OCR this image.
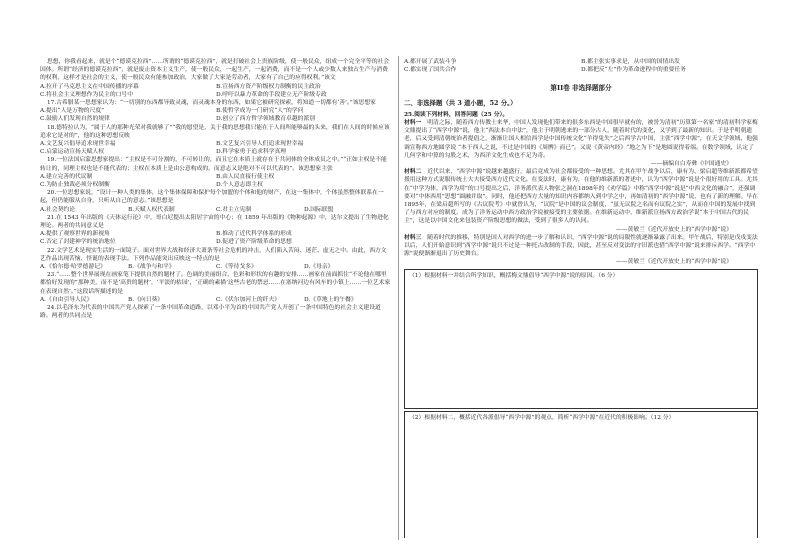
思想，你我看起来，就是个“德谟克拉西”……所谓的“德谟克拉西”，就是打破社会上贵族阶级，使一般民众，组成一个完全平等的社会国体。所谓“经济的德谟克拉西”，就是废止资本主义生产，使一般民众，一起生产，一起消费，而不是一个人或少数人来独占生产与消费的权利，这样才是社会的主义，使一般民众有能参加政治，大家做了大家是劳动者，大家有了自己的应得权利。”该文

A.拉开了马克思主义在中国传播的序幕	B.宣扬西方资产阶级权力制衡的民主政治
C.将社会主义理想作为民主的口号中	D.呼吁以暴力革命的手段建立无产阶级专政

17.古希腊某一思想家认为：“一切别的东西都导致灵魂，而灵魂本身的东西，如果它被研究探索，将知道一切都有‘善’。”该思想家

A.提出“人是万物的尺度”	B.使哲学成为一门研究“人”的学问
C.鼓励人们发现自然的规律	D.创立了西方哲学领域教育卓越的派别

18.德特拉认为，“属于人的那种光荣对我就够了”“我的愿望是，关于我的思想我只能在于人间所能够最的头来，我们在人间的时候应该追求它是对的”，他的这种思想反映

A.文艺复兴倡导追求现世幸福	B.文艺复兴引导人们追求现世幸福
C.启蒙运动宣扬天赋人权	D.科学家勇于追求科学真理

19.一位法国启蒙思想家提出：“主权是不可分割的，不可转让的，而且它在本质上就存在于共同体的全体成员之中。”“正如主权是不能转让的，同理主权也是不能代表的；主权在本质上是由公意构成的，而意志又是绝对不可以代表的”。该思想家主张

A.建立完善的代议制	B.由人民直接行使主权
C.为防止独裁必须分权制衡	D.个人意志即主权

20.一位思想家说，“设计一种人类的集体，这个集体保障和保护每个加盟的个体和他的财产，在这一集体中，个体虽然整体联系在一起，但仍能服从自身，只听从自己的意志。”该思想是

A.社会契约论	B.天赋人权代表制	C.君主立宪制	D.国际联盟

21.在 1543 年出版的《天体运行论》中，哥白尼提出太阳居宇宙的中心；在 1859 年出版的《物种起源》中，达尔文提出了生物进化理论。两者的共同意义是

A.提供了观察世界的新视角	B.推动了近代科学体系的形成
C.否定了封建神学的统治地位	D.促进了资产阶级革命的思想

22.文学艺术是现实生活的一面镜子。面对世界大战和经济大萧条等社会危机的冲击，人们陷入苦闷、迷茫、虚无之中。由此，西方文艺作品出现苦恼、怪诞的表现手法。下列作品能突出反映这一特点的是

A.《恰尔德·哈罗德游记》	B.《战争与和平》	C.《等待戈多》	D.《母亲》

23.“……整个世界展现在画家笔下提供自然的题材了。色调的美丽组合，色彩和形状的有趣的安排……画家在前面抓住“不论他在哪里都恰好发现的”那种美，而不是‘高贵的题材’，‘平淡的枯园’，‘正确的素描’这些古老的禁忌……在塞纳河边有风车的小镇上……一位艺术家在表现自然’。”这段话所描述的是

A.《自由引导人民》	B.《向日葵》	C.《伏尔加河上的纤夫》	D.《草地上的午餐》

24.以毛泽东为代表的中国共产党人探索了一条中国革命道路，以邓小平为首的中国共产党人开创了一条中国特色的社会主义建设道路。两者的共同点是

A.都开展了武装斗争	B.都主张实事求是，从中国的国情出发
C.都实现了国共合作	D.都把反“左”作为革命进程中的重要任务
第II卷 非选择题部分
二、非选择题（共 3 道小题，52 分。）

25.阅读下列材料，回答问题（25 分）。

材料一　 明清之际，随着西方传教士来华，中国人发现他们带来的很多东西是中国很早就有的，被誉为清初“历算第一名家”的清初科学家梅文鼎提出了“西学中源”说，他主“西法本自中法”，他主于明朝逃来的一部分古人，随着时代的变化，又学到了最新的知识。于是乎明朝遗老，后又受到清朝统治者提倡之，渐渐让国人相信西学是中国传统文化“羊得兔失”之后西学古中国，主张“西学中源”，在天文学领域，他强调宣称西方地圆学说 “本于西人之说，不过是中国的《周髀》而已”。又说《黄帝内经》“地之为下”是地圆说得着端。在数学领域，认定了几何学和中算的勾股之术，为西洋文化生成也不足为奇。

——摘编自白寿彝《中国通史》

材料二　 近代以来，“西学中源”说越来越盛行，最后竟成为社会都接受的一种思想。尤其在甲午战争以后，康有为、梁启超等维新派都希望援用这种方式说服传统士大夫接受西方近代文化。在变法时，康有为，在他的维新派的著述中，认为“西学中源”说是个很好用的工具。尤其在“中学为体，西学为用”的口号提出之后，洋务派代表人物张之洞在1898年的《劝学篇》中称“西学中源”说是“中西文化的融合”，还强调要对“中体西用”思想“圆融并取”。同时，他还把西方大量的知识内容都纳入到中学之中，再如清初的“西学中源”说，也有了新的理解。早在1895年，在梁启超所写的《古议院考》中就曾认为，“议院”是中国的议会制度，“虽无议院之名而有议院之实”，从而在中国的发展中找到了与西方对应的制度，成为了洋务运动中西方政治学说被接受的主要依据。在维新运动中，维新派宣扬西方政治学说“本于中国古代的民主”，这是以中国文化来包装资产阶级思想的做法，受到了很多人的认同。

——黄敏兰《近代开放史上的“西学中源”说》

材料三　 随着时代的推移，特别是国人对西学的进一步了解和认识，“西学中源”说的局限性就逐渐暴露了出来。甲午战后，特别是戊戌变法以后，人们开始意识到“西学中源”说只不过是一种托古改制的手段，因此，甚至反对变法的守旧派也借“西学中源”说来排斥西学。“西学中源”说便渐渐退出了历史舞台。

——黄敏兰《近代开放史上的“西学中源”说》

（1）根据材料一并结合所学知识，概括梅文鼎倡导“西学中源”说的原因。（6 分）

（2）根据材料二，概括近代各派倡导“西学中源”的观点，简析“西学中源”在近代的积极影响。（12 分）
